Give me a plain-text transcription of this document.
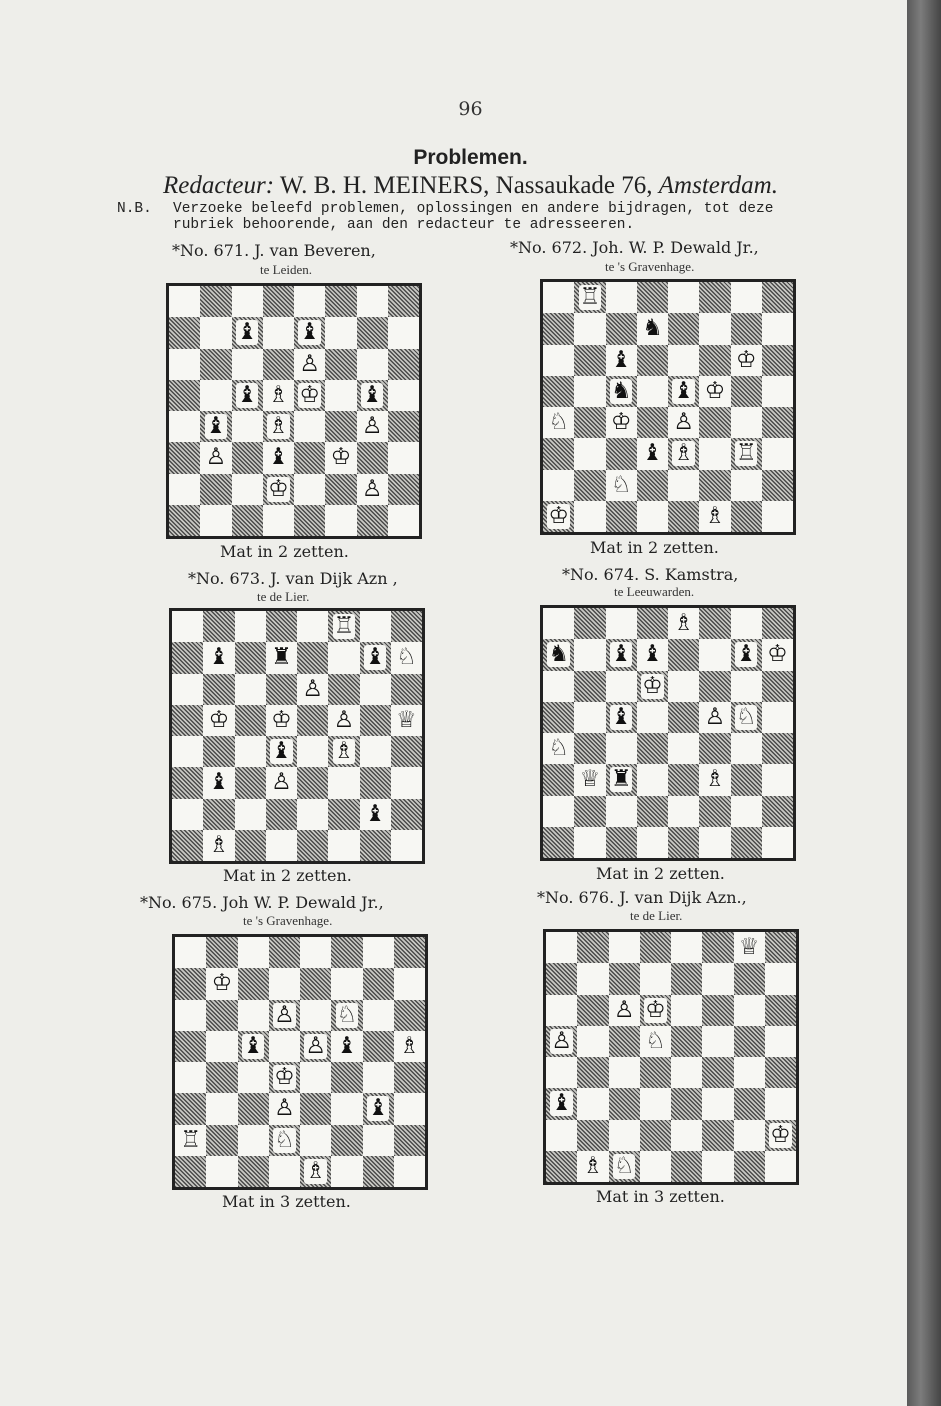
96
Problemen.
Redacteur: W. B. H. MEINERS, Nassaukade 76, Amsterdam.
N.B. Verzoeke beleefd problemen, oplossingen en andere bijdragen, tot deze rubriek behoorende, aan den redacteur te adresseeren.
*No. 671. J. van Beveren,
te Leiden.
♝ ♝
♙
♝ ♗ ♔ ♝
♝ ♗	♙
♙ ♝ ♔
♔	♙
Mat in 2 zetten.
*No. 672. Joh. W. P. Dewald Jr.,
te 's Gravenhage.
♖
♞
♝	♔
♞ ♝ ♔
♘ ♔ ♙
♝ ♗ ♖
♘
♔	♗
Mat in 2 zetten.
*No. 673. J. van Dijk Azn ,
te de Lier.
♖
♝ ♜	♝ ♘
♙
♔ ♔ ♙ ♕
♝ ♗
♝ ♙
♝
♗
Mat in 2 zetten.
*No. 674. S. Kamstra,
te Leeuwarden.
♗
♞ ♝ ♝	♝ ♔
♔
♝	♙ ♘
♘
♕ ♜	♗
Mat in 2 zetten.
*No. 675. Joh W. P. Dewald Jr.,
te 's Gravenhage.
♔
♙ ♘
♝ ♙ ♝ ♗
♔
♙	♝
♖	♘
♗
Mat in 3 zetten.
*No. 676. J. van Dijk Azn.,
te de Lier.
♕
♙ ♔
♙	♘
♝
♔
♗ ♘
Mat in 3 zetten.
